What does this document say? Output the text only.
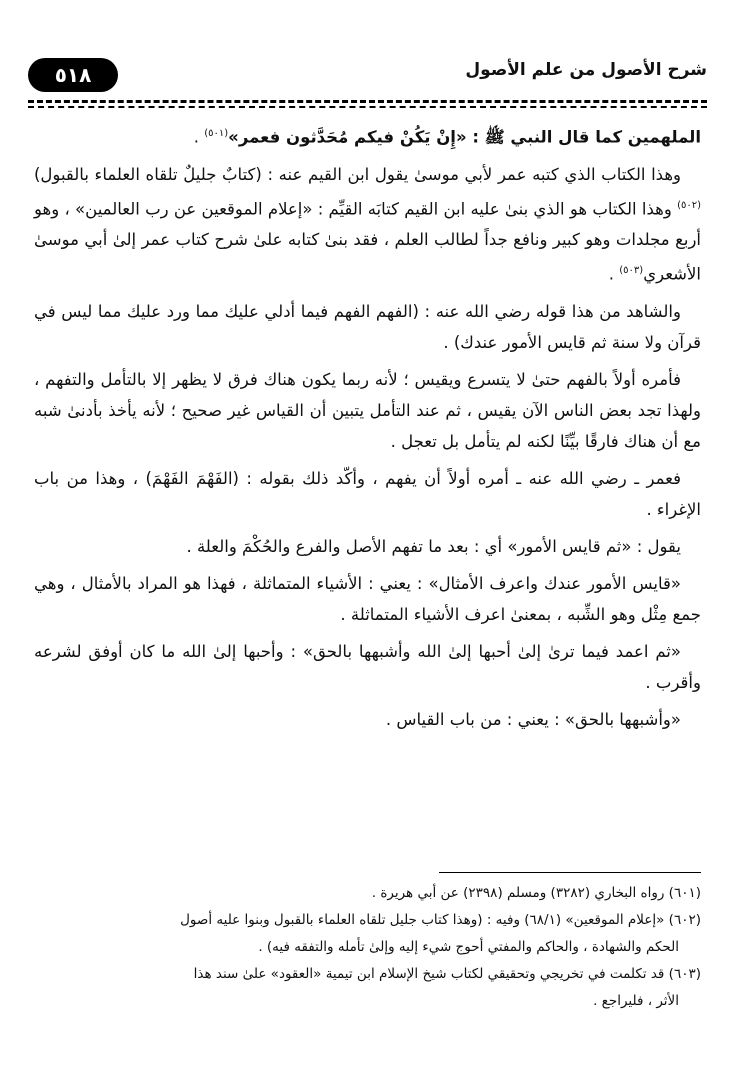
٥١٨	شرح الأصول من علم الأصول

الملهمين كما قال النبي ﷺ : «إِنْ يَكُنْ فيكم مُحَدَّثون فعمر»$^{(٥٠١)}$ .

وهذا الكتاب الذي كتبه عمر لأبي موسىٰ يقول ابن القيم عنه : (كتابٌ جليلٌ تلقاه العلماء بالقبول)$^{(٥٠٢)}$ وهذا الكتاب هو الذي بنىٰ عليه ابن القيم كتابَه القيِّم : «إعلام الموقعين عن رب العالمين» ، وهو أربع مجلدات وهو كبير ونافع جداً لطالب العلم ، فقد بنىٰ كتابه علىٰ شرح كتاب عمر إلىٰ أبي موسىٰ الأشعري$^{(٥٠٣)}$ .

والشاهد من هذا قوله رضي الله عنه : (الفهم الفهم فيما أدلي عليك مما ورد عليك مما ليس في قرآن ولا سنة ثم قايس الأمور عندك) .

فأمره أولاً بالفهم حتىٰ لا يتسرع ويقيس ؛ لأنه ربما يكون هناك فرق لا يظهر إلا بالتأمل والتفهم ، ولهذا تجد بعض الناس الآن يقيس ، ثم عند التأمل يتبين أن القياس غير صحيح ؛ لأنه يأخذ بأدنىٰ شبه مع أن هناك فارقًا بيِّنًا لكنه لم يتأمل بل تعجل .

فعمر ـ رضي الله عنه ـ أمره أولاً أن يفهم ، وأكّد ذلك بقوله : (الفَهْمَ الفَهْمَ) ، وهذا من باب الإغراء .

يقول : «ثم قايس الأمور» أي : بعد ما تفهم الأصل والفرع والحُكْمَ والعلة .

«قايس الأمور عندك واعرف الأمثال» : يعني : الأشياء المتماثلة ، فهذا هو المراد بالأمثال ، وهي جمع مِثْل وهو الشِّبه ، بمعنىٰ اعرف الأشياء المتماثلة .

«ثم اعمد فيما ترىٰ إلىٰ أحبها إلىٰ الله وأشبهها بالحق» : وأحبها إلىٰ الله ما كان أوفق لشرعه وأقرب .

«وأشبهها بالحق» : يعني : من باب القياس .

(٦٠١) رواه البخاري (٣٢٨٢) ومسلم (٢٣٩٨) عن أبي هريرة .

(٦٠٢) «إعلام الموقعين» (٦٨/١) وفيه : (وهذا كتاب جليل تلقاه العلماء بالقبول وبنوا عليه أصول

الحكم والشهادة ، والحاكم والمفتي أحوج شيء إليه وإلىٰ تأمله والتفقه فيه) .

(٦٠٣) قد تكلمت في تخريجي وتحقيقي لكتاب شيخ الإسلام ابن تيمية «العقود» علىٰ سند هذا

الأثر ، فليراجع .
